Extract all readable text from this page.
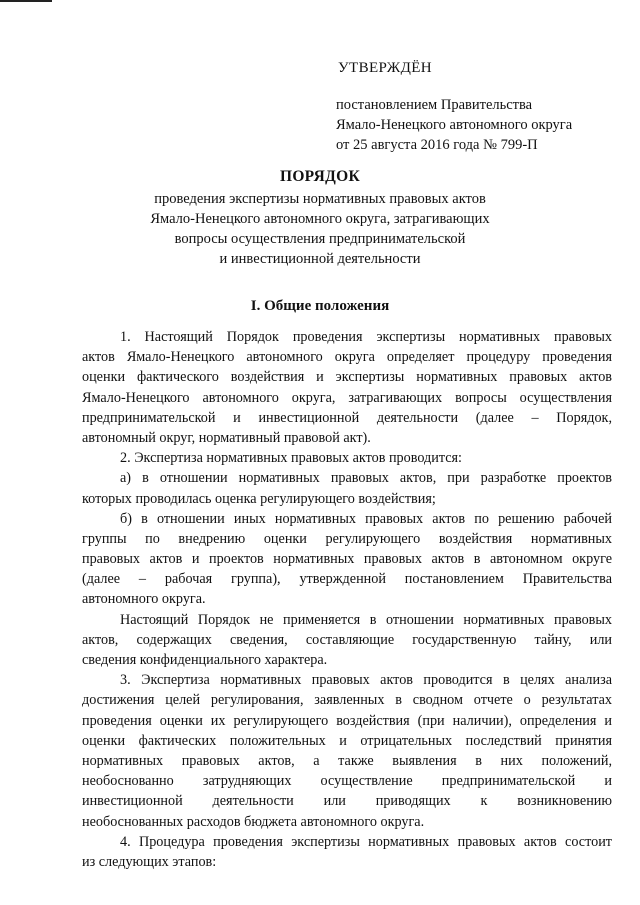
УТВЕРЖДЁН
постановлением Правительства
Ямало-Ненецкого автономного округа
от 25 августа 2016 года № 799-П
ПОРЯДОК
проведения экспертизы нормативных правовых актов
Ямало-Ненецкого автономного округа, затрагивающих
вопросы осуществления предпринимательской
и инвестиционной деятельности
I. Общие положения
1. Настоящий Порядок проведения экспертизы нормативных правовых
актов Ямало-Ненецкого автономного округа определяет процедуру проведения
оценки фактического воздействия и экспертизы нормативных правовых актов
Ямало-Ненецкого автономного округа, затрагивающих вопросы осуществления
предпринимательской и инвестиционной деятельности (далее – Порядок,
автономный округ, нормативный правовой акт).
2. Экспертиза нормативных правовых актов проводится:
а) в отношении нормативных правовых актов, при разработке проектов
которых проводилась оценка регулирующего воздействия;
б) в отношении иных нормативных правовых актов по решению рабочей
группы по внедрению оценки регулирующего воздействия нормативных
правовых актов и проектов нормативных правовых актов в автономном округе
(далее – рабочая группа), утвержденной постановлением Правительства
автономного округа.
Настоящий Порядок не применяется в отношении нормативных правовых
актов, содержащих сведения, составляющие государственную тайну, или
сведения конфиденциального характера.
3. Экспертиза нормативных правовых актов проводится в целях анализа
достижения целей регулирования, заявленных в сводном отчете о результатах
проведения оценки их регулирующего воздействия (при наличии), определения и
оценки фактических положительных и отрицательных последствий принятия
нормативных правовых актов, а также выявления в них положений,
необоснованно затрудняющих осуществление предпринимательской и
инвестиционной деятельности или приводящих к возникновению
необоснованных расходов бюджета автономного округа.
4. Процедура проведения экспертизы нормативных правовых актов состоит
из следующих этапов:
